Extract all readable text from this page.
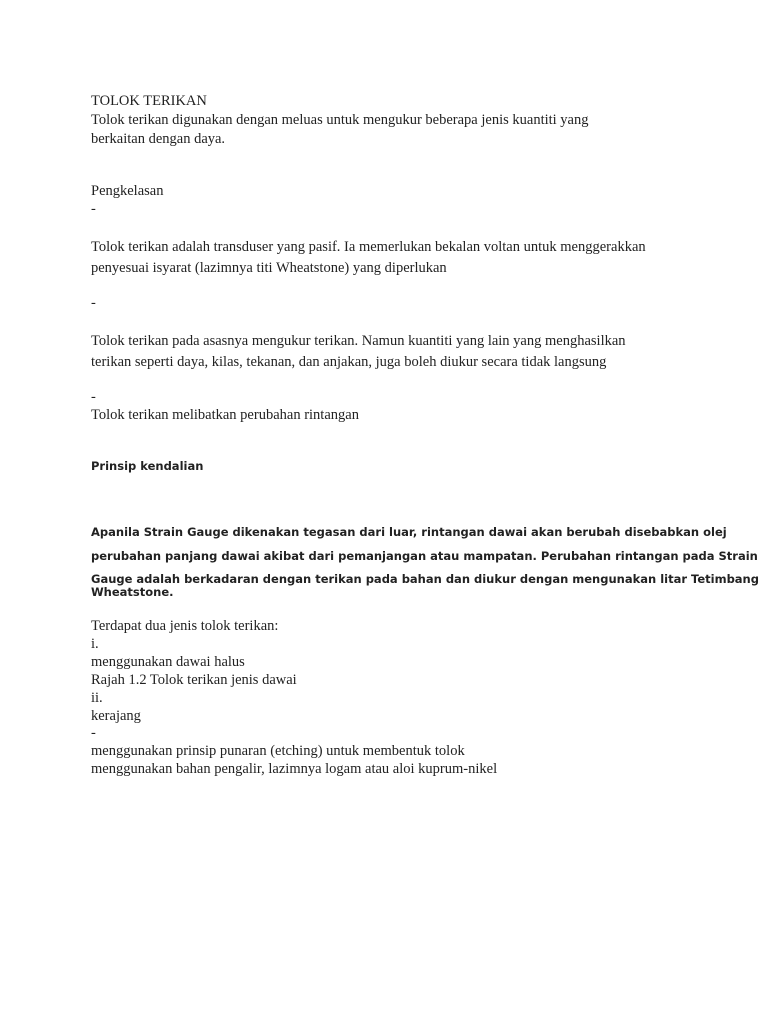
TOLOK TERIKAN
Tolok terikan digunakan dengan meluas untuk mengukur beberapa jenis kuantiti yang
berkaitan dengan daya.
Pengkelasan
-
Tolok terikan adalah transduser yang pasif. Ia memerlukan bekalan voltan untuk menggerakkan
penyesuai isyarat (lazimnya titi Wheatstone) yang diperlukan
-
Tolok terikan pada asasnya mengukur terikan. Namun kuantiti yang lain yang menghasilkan
terikan seperti daya, kilas, tekanan, dan anjakan, juga boleh diukur secara tidak langsung
-
Tolok terikan melibatkan perubahan rintangan
Prinsip kendalian
Apanila Strain Gauge dikenakan tegasan dari luar, rintangan dawai akan berubah disebabkan olej
perubahan panjang dawai akibat dari pemanjangan atau mampatan. Perubahan rintangan pada Strain
Gauge adalah berkadaran dengan terikan pada bahan dan diukur dengan mengunakan litar Tetimbang
Wheatstone.
Terdapat dua jenis tolok terikan:
i.
menggunakan dawai halus
Rajah 1.2 Tolok terikan jenis dawai
ii.
kerajang
-
menggunakan prinsip punaran (etching) untuk membentuk tolok
menggunakan bahan pengalir, lazimnya logam atau aloi kuprum-nikel
